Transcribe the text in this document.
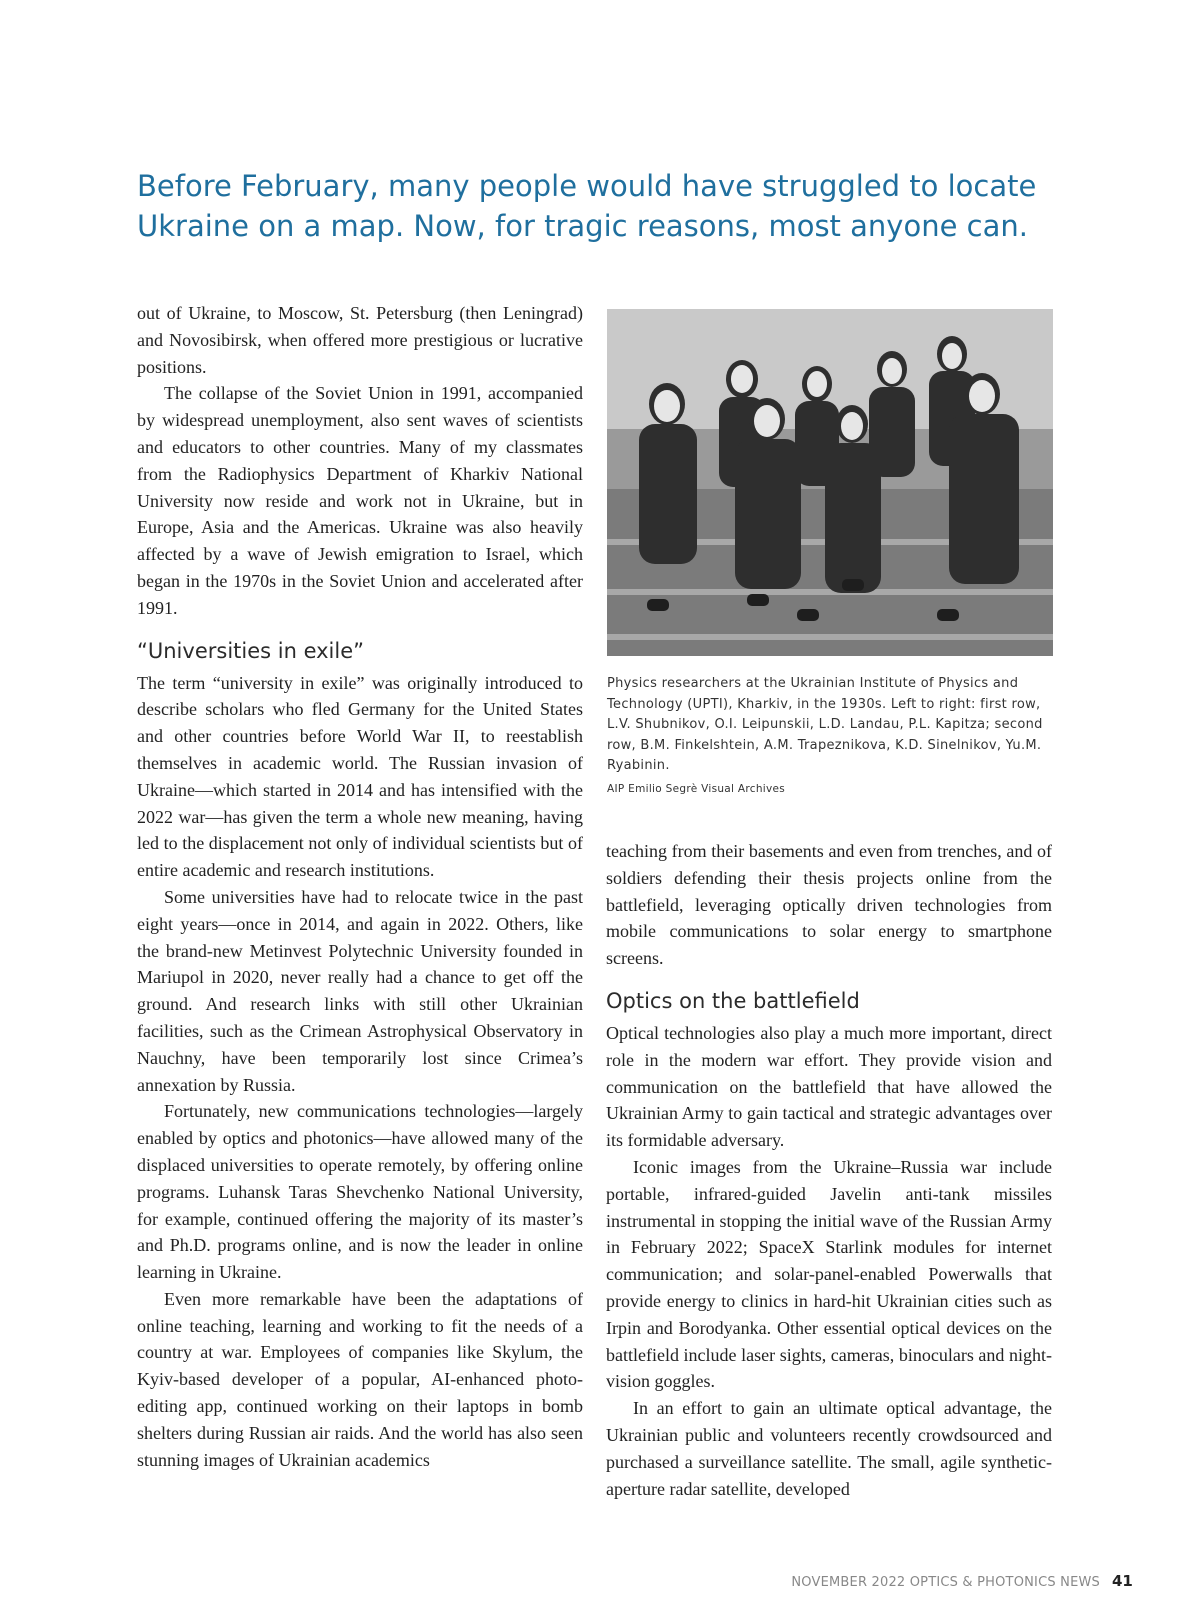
Before February, many people would have struggled to locate Ukraine on a map. Now, for tragic reasons, most anyone can.

out of Ukraine, to Moscow, St. Petersburg (then Leningrad) and Novosibirsk, when offered more prestigious or lucrative positions.

The collapse of the Soviet Union in 1991, accompanied by widespread unemployment, also sent waves of scientists and educators to other countries. Many of my classmates from the Radiophysics Department of Kharkiv National University now reside and work not in Ukraine, but in Europe, Asia and the Americas. Ukraine was also heavily affected by a wave of Jewish emigration to Israel, which began in the 1970s in the Soviet Union and accelerated after 1991.

“Universities in exile”

The term “university in exile” was originally introduced to describe scholars who fled Germany for the United States and other countries before World War II, to reestablish themselves in academic world. The Russian invasion of Ukraine—which started in 2014 and has intensified with the 2022 war—has given the term a whole new meaning, having led to the displacement not only of individual scientists but of entire academic and research institutions.

Some universities have had to relocate twice in the past eight years—once in 2014, and again in 2022. Others, like the brand-new Metinvest Polytechnic University founded in Mariupol in 2020, never really had a chance to get off the ground. And research links with still other Ukrainian facilities, such as the Crimean Astrophysical Observatory in Nauchny, have been temporarily lost since Crimea’s annexation by Russia.

Fortunately, new communications technologies—largely enabled by optics and photonics—have allowed many of the displaced universities to operate remotely, by offering online programs. Luhansk Taras Shevchenko National University, for example, continued offering the majority of its master’s and Ph.D. programs online, and is now the leader in online learning in Ukraine.

Even more remarkable have been the adaptations of online teaching, learning and working to fit the needs of a country at war. Employees of companies like Skylum, the Kyiv-based developer of a popular, AI-enhanced photo-editing app, continued working on their laptops in bomb shelters during Russian air raids. And the world has also seen stunning images of Ukrainian academics

Physics researchers at the Ukrainian Institute of Physics and Technology (UPTI), Kharkiv, in the 1930s. Left to right: first row, L.V. Shubnikov, O.I. Leipunskii, L.D. Landau, P.L. Kapitza; second row, B.M. Finkelshtein, A.M. Trapeznikova, K.D. Sinelnikov, Yu.M. Ryabinin.
AIP Emilio Segrè Visual Archives

teaching from their basements and even from trenches, and of soldiers defending their thesis projects online from the battlefield, leveraging optically driven technologies from mobile communications to solar energy to smartphone screens.

Optics on the battlefield

Optical technologies also play a much more important, direct role in the modern war effort. They provide vision and communication on the battlefield that have allowed the Ukrainian Army to gain tactical and strategic advantages over its formidable adversary.

Iconic images from the Ukraine–Russia war include portable, infrared-guided Javelin anti-tank missiles instrumental in stopping the initial wave of the Russian Army in February 2022; SpaceX Starlink modules for internet communication; and solar-panel-enabled Powerwalls that provide energy to clinics in hard-hit Ukrainian cities such as Irpin and Borodyanka. Other essential optical devices on the battlefield include laser sights, cameras, binoculars and night-vision goggles.

In an effort to gain an ultimate optical advantage, the Ukrainian public and volunteers recently crowdsourced and purchased a surveillance satellite. The small, agile synthetic-aperture radar satellite, developed

NOVEMBER 2022 OPTICS & PHOTONICS NEWS 41
